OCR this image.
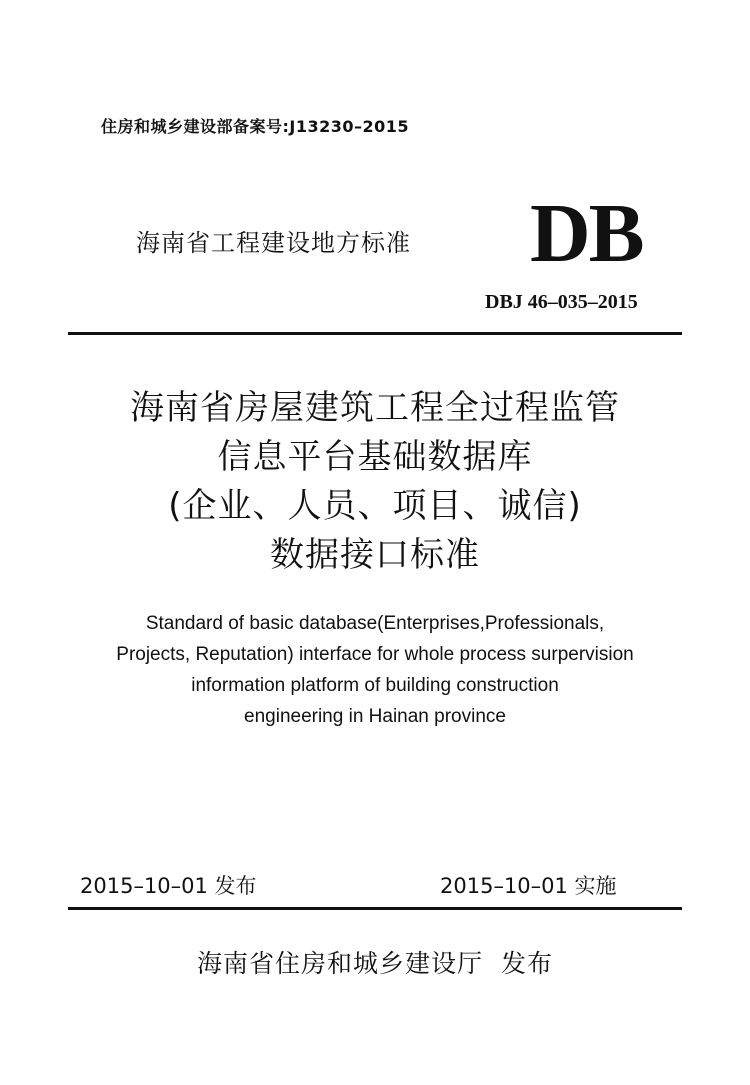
住房和城乡建设部备案号:J13230–2015
海南省工程建设地方标准 DB
DBJ 46–035–2015
海南省房屋建筑工程全过程监管
信息平台基础数据库
(企业、人员、项目、诚信)
数据接口标准
Standard of basic database(Enterprises,Professionals,
Projects, Reputation) interface for whole process surpervision
information platform of building construction
engineering in Hainan province
2015–10–01 发布	2015–10–01 实施
海南省住房和城乡建设厅  发布
